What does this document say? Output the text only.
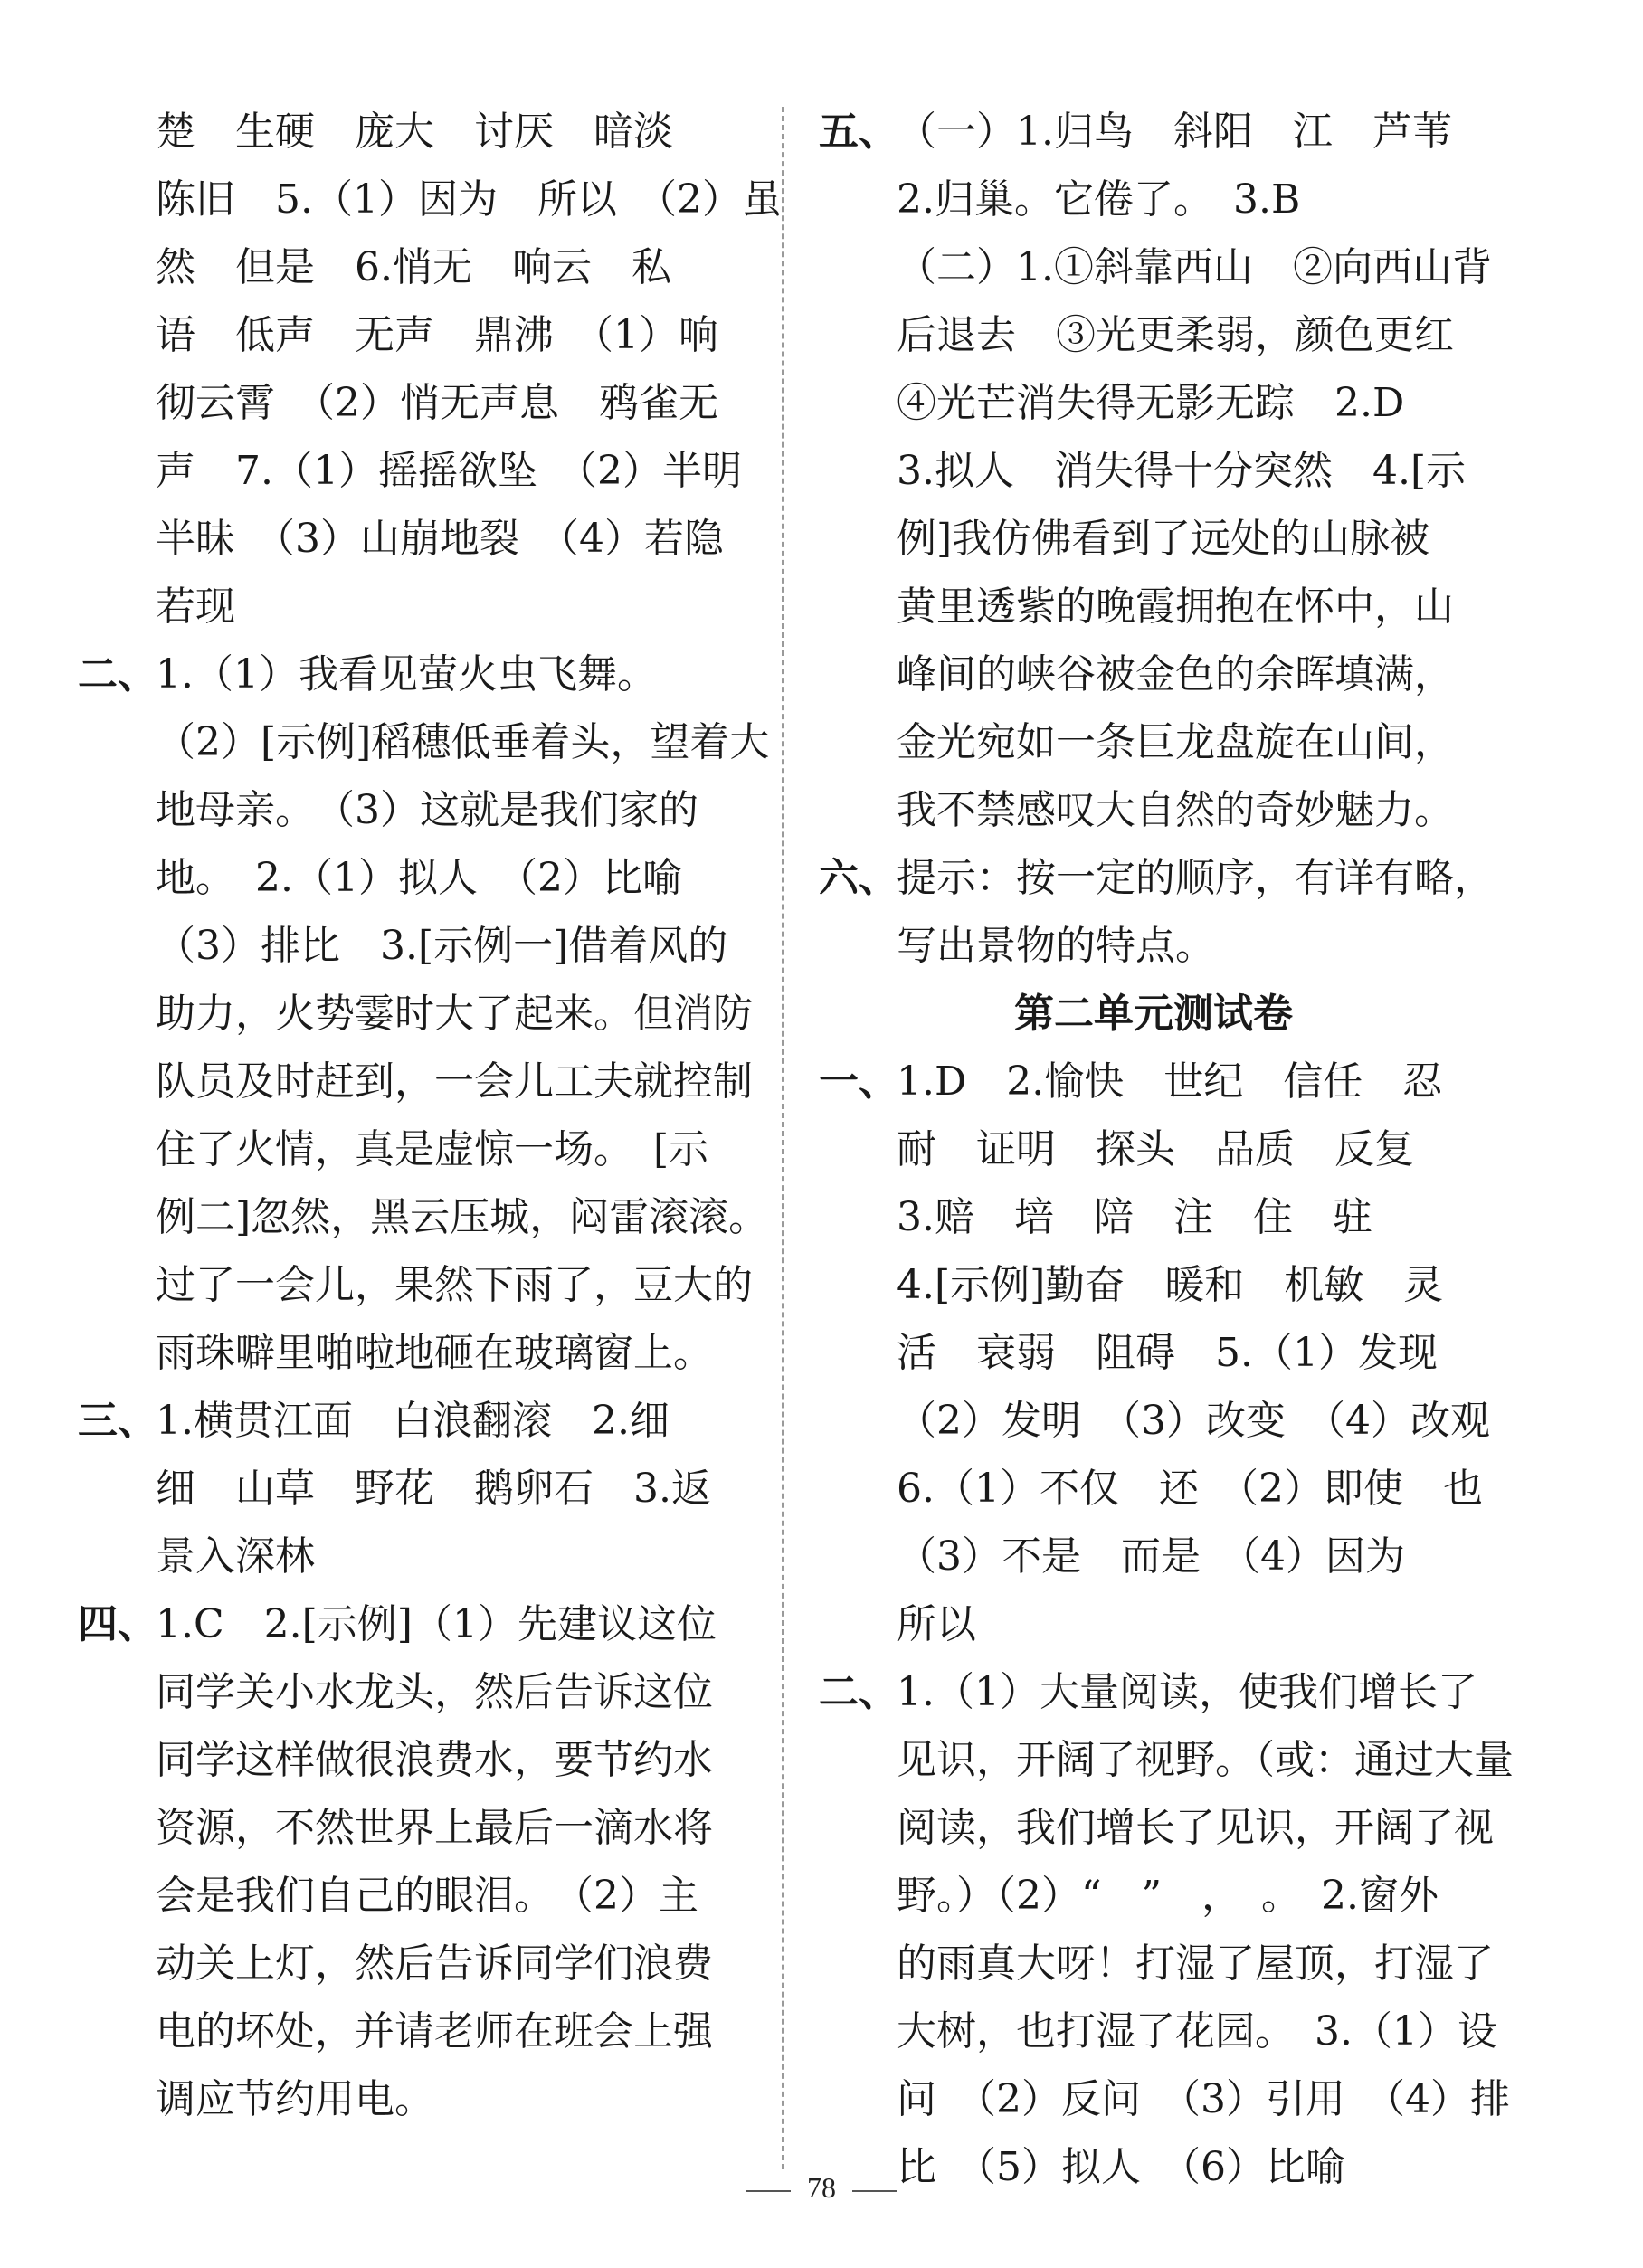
楚　生硬　庞大　讨厌　暗淡
陈旧　5.（1）因为　所以　（2）虽
然　但是　6.悄无　响云　私
语　低声　无声　鼎沸　（1）响
彻云霄　（2）悄无声息　鸦雀无
声　7.（1）摇摇欲坠　（2）半明
半昧　（3）山崩地裂　（4）若隐
若现
二、
1.（1）我看见萤火虫飞舞。
（2）[示例]稻穗低垂着头，望着大
地母亲。　（3）这就是我们家的
地。　2.（1）拟人　（2）比喻
（3）排比　3.[示例一]借着风的
助力，火势霎时大了起来。但消防
队员及时赶到，一会儿工夫就控制
住了火情，真是虚惊一场。　[示
例二]忽然，黑云压城，闷雷滚滚。
过了一会儿，果然下雨了，豆大的
雨珠噼里啪啦地砸在玻璃窗上。
三、
1.横贯江面　白浪翻滚　2.细
细　山草　野花　鹅卵石　3.返
景入深林
四、
1.C　2.[示例]（1）先建议这位
同学关小水龙头，然后告诉这位
同学这样做很浪费水，要节约水
资源，不然世界上最后一滴水将
会是我们自己的眼泪。　（2）主
动关上灯，然后告诉同学们浪费
电的坏处，并请老师在班会上强
调应节约用电。
五、
（一）1.归鸟　斜阳　江　芦苇
2.归巢。它倦了。　3.B
（二）1.①斜靠西山　②向西山背
后退去　③光更柔弱，颜色更红
④光芒消失得无影无踪　2.D
3.拟人　消失得十分突然　4.[示
例]我仿佛看到了远处的山脉被
黄里透紫的晚霞拥抱在怀中，山
峰间的峡谷被金色的余晖填满，
金光宛如一条巨龙盘旋在山间，
我不禁感叹大自然的奇妙魅力。
六、
提示：按一定的顺序，有详有略，
写出景物的特点。
第二单元测试卷
一、
1.D　2.愉快　世纪　信任　忍
耐　证明　探头　品质　反复
3.赔　培　陪　注　住　驻
4.[示例]勤奋　暖和　机敏　灵
活　衰弱　阻碍　5.（1）发现
（2）发明　（3）改变　（4）改观
6.（1）不仅　还　（2）即使　也
（3）不是　而是　（4）因为
所以
二、
1.（1）大量阅读，使我们增长了
见识，开阔了视野。（或：通过大量
阅读，我们增长了见识，开阔了视
野。）（2）“　”　，　。　2.窗外
的雨真大呀！打湿了屋顶，打湿了
大树，也打湿了花园。　3.（1）设
问　（2）反问　（3）引用　（4）排
比　（5）拟人　（6）比喻
78
